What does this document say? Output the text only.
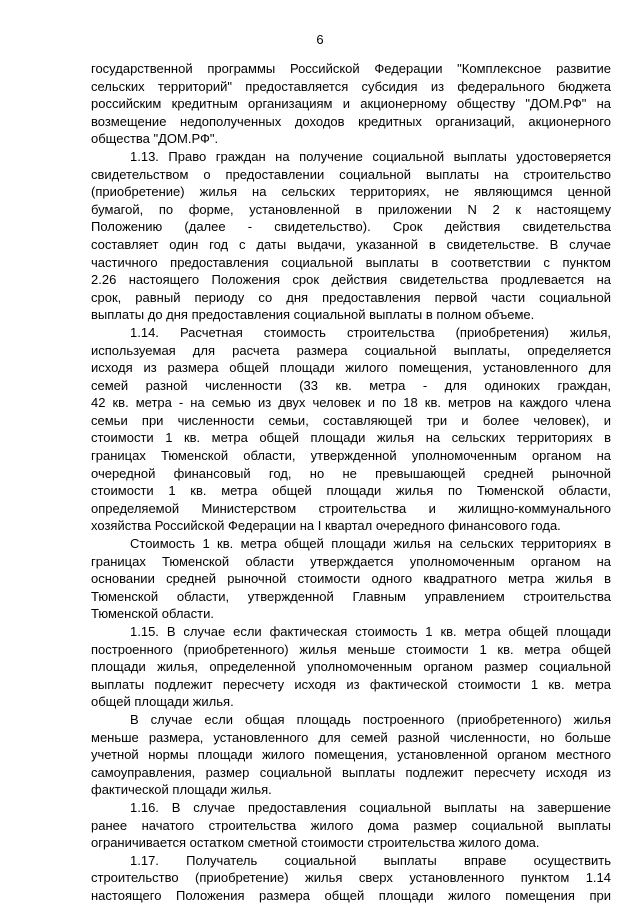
6
государственной программы Российской Федерации "Комплексное развитие
сельских территорий" предоставляется субсидия из федерального бюджета
российским кредитным организациям и акционерному обществу "ДОМ.РФ" на
возмещение недополученных доходов кредитных организаций, акционерного
общества "ДОМ.РФ".
1.13. Право граждан на получение социальной выплаты удостоверяется
свидетельством о предоставлении социальной выплаты на строительство
(приобретение) жилья на сельских территориях, не являющимся ценной
бумагой, по форме, установленной в приложении N 2 к настоящему
Положению (далее - свидетельство). Срок действия свидетельства
составляет один год с даты выдачи, указанной в свидетельстве. В случае
частичного предоставления социальной выплаты в соответствии с пунктом
2.26 настоящего Положения срок действия свидетельства продлевается на
срок, равный периоду со дня предоставления первой части социальной
выплаты до дня предоставления социальной выплаты в полном объеме.
1.14. Расчетная стоимость строительства (приобретения) жилья,
используемая для расчета размера социальной выплаты, определяется
исходя из размера общей площади жилого помещения, установленного для
семей разной численности (33 кв. метра - для одиноких граждан,
42 кв. метра - на семью из двух человек и по 18 кв. метров на каждого члена
семьи при численности семьи, составляющей три и более человек), и
стоимости 1 кв. метра общей площади жилья на сельских территориях в
границах Тюменской области, утвержденной уполномоченным органом на
очередной финансовый год, но не превышающей средней рыночной
стоимости 1 кв. метра общей площади жилья по Тюменской области,
определяемой Министерством строительства и жилищно-коммунального
хозяйства Российской Федерации на I квартал очередного финансового года.
Стоимость 1 кв. метра общей площади жилья на сельских территориях в
границах Тюменской области утверждается уполномоченным органом на
основании средней рыночной стоимости одного квадратного метра жилья в
Тюменской области, утвержденной Главным управлением строительства
Тюменской области.
1.15. В случае если фактическая стоимость 1 кв. метра общей площади
построенного (приобретенного) жилья меньше стоимости 1 кв. метра общей
площади жилья, определенной уполномоченным органом размер социальной
выплаты подлежит пересчету исходя из фактической стоимости 1 кв. метра
общей площади жилья.
В случае если общая площадь построенного (приобретенного) жилья
меньше размера, установленного для семей разной численности, но больше
учетной нормы площади жилого помещения, установленной органом местного
самоуправления, размер социальной выплаты подлежит пересчету исходя из
фактической площади жилья.
1.16. В случае предоставления социальной выплаты на завершение
ранее начатого строительства жилого дома размер социальной выплаты
ограничивается остатком сметной стоимости строительства жилого дома.
1.17. Получатель социальной выплаты вправе осуществить
строительство (приобретение) жилья сверх установленного пунктом 1.14
настоящего Положения размера общей площади жилого помещения при
